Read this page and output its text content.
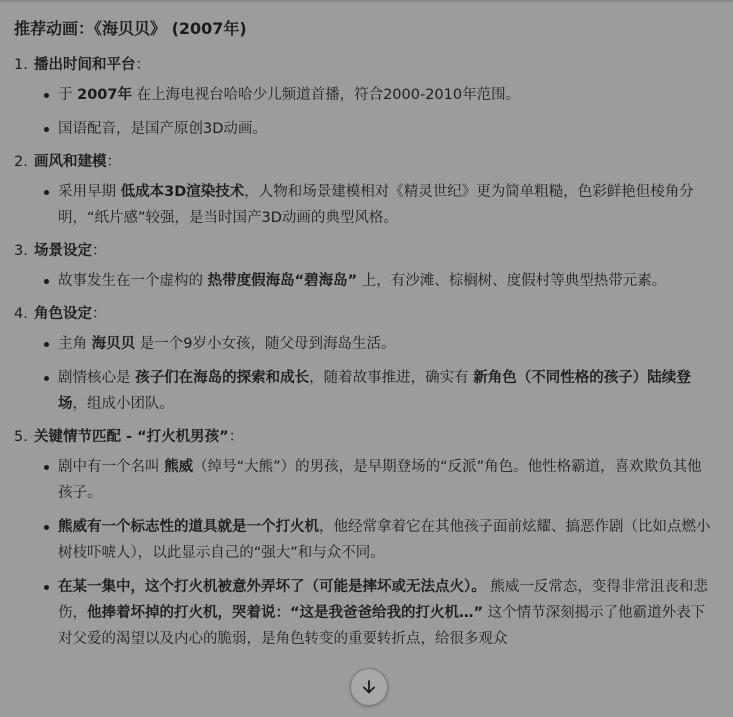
推荐动画：《海贝贝》 (2007年)
1. 播出时间和平台 ：
于 2007年 在上海电视台哈哈少儿频道首播，符合2000-2010年范围。
国语配音，是国产原创3D动画。
2. 画风和建模 ：
采用早期 低成本3D渲染技术，人物和场景建模相对《精灵世纪》更为简单粗糙，色彩鲜艳但棱角分明，“纸片感”较强，是当时国产3D动画的典型风格。
3. 场景设定 ：
故事发生在一个虚构的 热带度假海岛“碧海岛” 上，有沙滩、棕榈树、度假村等典型热带元素。
4. 角色设定 ：
主角 海贝贝 是一个9岁小女孩，随父母到海岛生活。
剧情核心是 孩子们在海岛的探索和成长，随着故事推进，确实有 新角色（不同性格的孩子）陆续登场，组成小团队。
5. 关键情节匹配 - “打火机男孩” ：
剧中有一个名叫 熊威（绰号“大熊”）的男孩，是早期登场的“反派”角色。他性格霸道，喜欢欺负其他孩子。
熊威有一个标志性的道具就是一个打火机，他经常拿着它在其他孩子面前炫耀、搞恶作剧（比如点燃小树枝吓唬人），以此显示自己的“强大”和与众不同。
在某一集中，这个打火机被意外弄坏了（可能是摔坏或无法点火）。 熊威一反常态，变得非常沮丧和悲伤，他捧着坏掉的打火机，哭着说：“这是我爸爸给我的打火机…” 这个情节深刻揭示了他霸道外表下对父爱的渴望以及内心的脆弱，是角色转变的重要转折点，给很多观众
